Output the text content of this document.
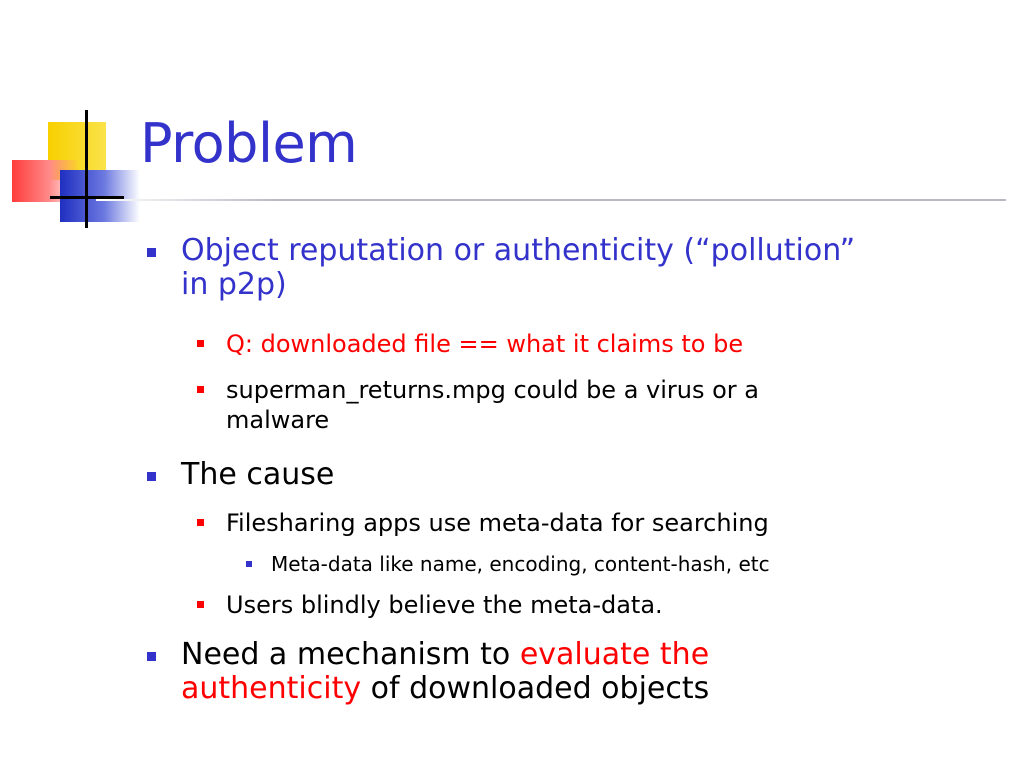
Problem
Object reputation or authenticity (“pollution”
in p2p)
Q: downloaded file == what it claims to be
superman_returns.mpg could be a virus or a
malware
The cause
Filesharing apps use meta-data for searching
Meta-data like name, encoding, content-hash, etc
Users blindly believe the meta-data.
Need a mechanism to evaluate the
authenticity of downloaded objects
